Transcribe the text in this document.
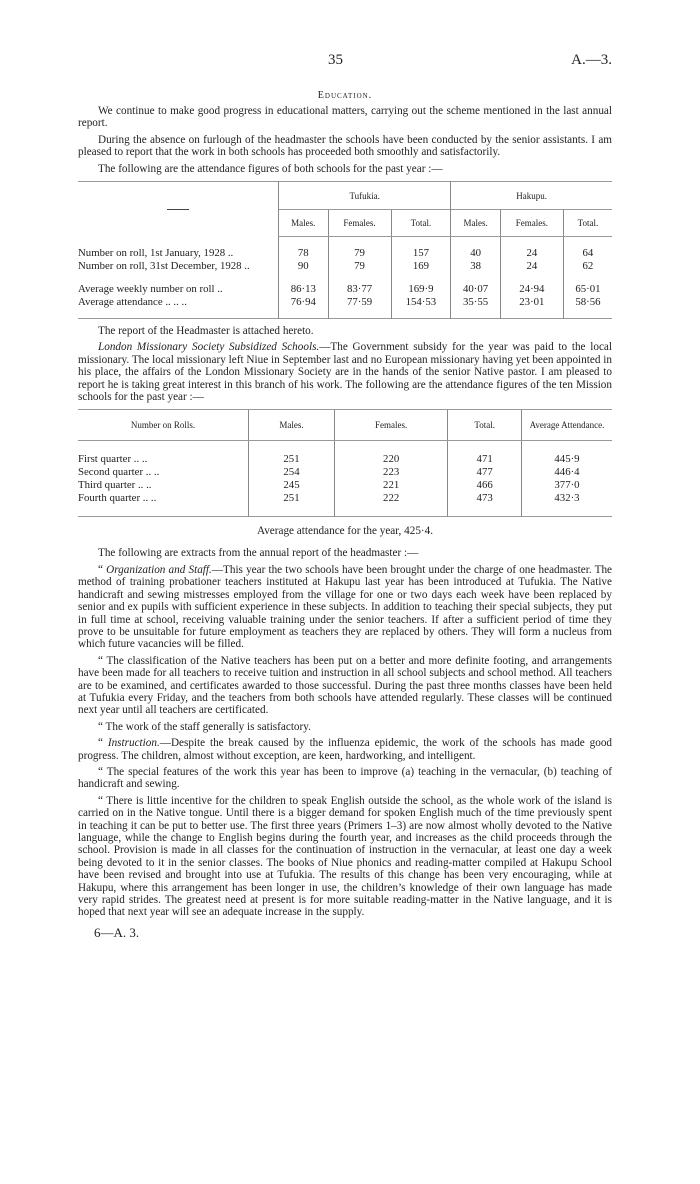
35	A.—3.
Education.

We continue to make good progress in educational matters, carrying out the scheme mentioned in the last annual report.

During the absence on furlough of the headmaster the schools have been conducted by the senior assistants. I am pleased to report that the work in both schools has proceeded both smoothly and satisfactorily.

The following are the attendance figures of both schools for the past year :—

	Tufukia.			Hakupu.		
	Males.	Females.	Total.	Males.	Females.	Total.

Number on roll, 1st January, 1928 ..	78	79	157	40	24	64
Number on roll, 31st December, 1928 ..	90	79	169	38	24	62

Average weekly number on roll ..	86·13	83·77	169·9	40·07	24·94	65·01
Average attendance .. .. ..	76·94	77·59	154·53	35·55	23·01	58·56

The report of the Headmaster is attached hereto.

London Missionary Society Subsidized Schools.—The Government subsidy for the year was paid to the local missionary. The local missionary left Niue in September last and no European missionary having yet been appointed in his place, the affairs of the London Missionary Society are in the hands of the senior Native pastor. I am pleased to report he is taking great interest in this branch of his work. The following are the attendance figures of the ten Mission schools for the past year :—

Number on Rolls.	Males.	Females.	Total.	Average Attendance.

First quarter .. ..	251	220	471	445·9
Second quarter .. ..	254	223	477	446·4
Third quarter .. ..	245	221	466	377·0
Fourth quarter .. ..	251	222	473	432·3

Average attendance for the year, 425·4.

The following are extracts from the annual report of the headmaster :—

“ Organization and Staff.—This year the two schools have been brought under the charge of one headmaster. The method of training probationer teachers instituted at Hakupu last year has been introduced at Tufukia. The Native handicraft and sewing mistresses employed from the village for one or two days each week have been replaced by senior and ex pupils with sufficient experience in these subjects. In addition to teaching their special subjects, they put in full time at school, receiving valuable training under the senior teachers. If after a sufficient period of time they prove to be unsuitable for future employment as teachers they are replaced by others. They will form a nucleus from which future vacancies will be filled.

“ The classification of the Native teachers has been put on a better and more definite footing, and arrangements have been made for all teachers to receive tuition and instruction in all school subjects and school method. All teachers are to be examined, and certificates awarded to those successful. During the past three months classes have been held at Tufukia every Friday, and the teachers from both schools have attended regularly. These classes will be continued next year until all teachers are certificated.

“ The work of the staff generally is satisfactory.

“ Instruction.—Despite the break caused by the influenza epidemic, the work of the schools has made good progress. The children, almost without exception, are keen, hardworking, and intelligent.

“ The special features of the work this year has been to improve (a) teaching in the vernacular, (b) teaching of handicraft and sewing.

“ There is little incentive for the children to speak English outside the school, as the whole work of the island is carried on in the Native tongue. Until there is a bigger demand for spoken English much of the time previously spent in teaching it can be put to better use. The first three years (Primers 1–3) are now almost wholly devoted to the Native language, while the change to English begins during the fourth year, and increases as the child proceeds through the school. Provision is made in all classes for the continuation of instruction in the vernacular, at least one day a week being devoted to it in the senior classes. The books of Niue phonics and reading-matter compiled at Hakupu School have been revised and brought into use at Tufukia. The results of this change has been very encouraging, while at Hakupu, where this arrangement has been longer in use, the children’s knowledge of their own language has made very rapid strides. The greatest need at present is for more suitable reading-matter in the Native language, and it is hoped that next year will see an adequate increase in the supply.

6—A. 3.
